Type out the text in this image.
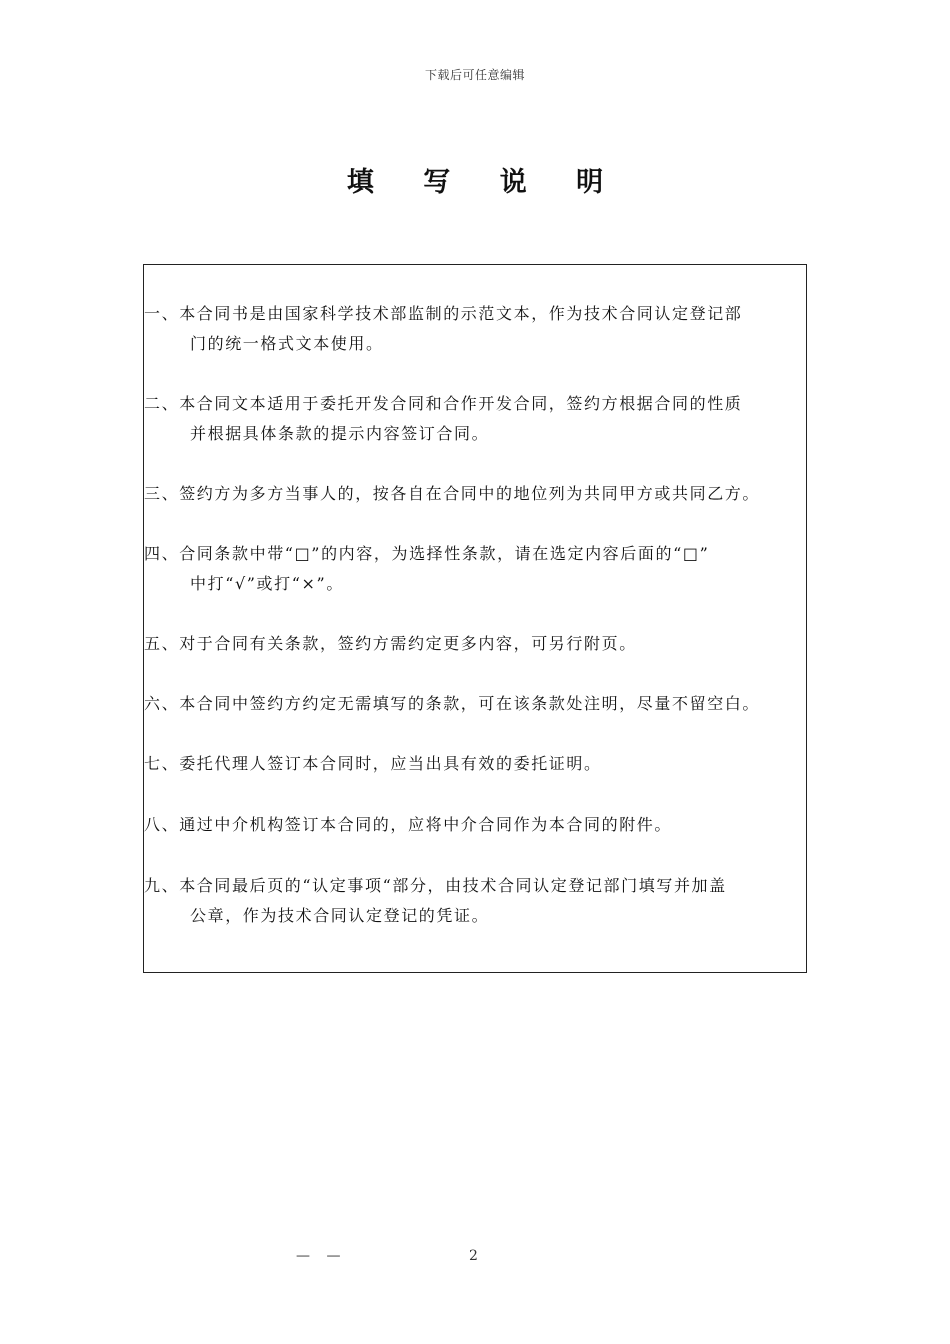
下载后可任意编辑
填 写 说 明
一、本合同书是由国家科学技术部监制的示范文本，作为技术合同认定登记部
门的统一格式文本使用。
二、本合同文本适用于委托开发合同和合作开发合同，签约方根据合同的性质
并根据具体条款的提示内容签订合同。
三、签约方为多方当事人的，按各自在合同中的地位列为共同甲方或共同乙方。
四、合同条款中带“□”的内容，为选择性条款，请在选定内容后面的“□”
中打“√”或打“×”。
五、对于合同有关条款，签约方需约定更多内容，可另行附页。
六、本合同中签约方约定无需填写的条款，可在该条款处注明，尽量不留空白。
七、委托代理人签订本合同时，应当出具有效的委托证明。
八、通过中介机构签订本合同的，应将中介合同作为本合同的附件。
九、本合同最后页的“认定事项“部分，由技术合同认定登记部门填写并加盖
公章，作为技术合同认定登记的凭证。
— —	2
